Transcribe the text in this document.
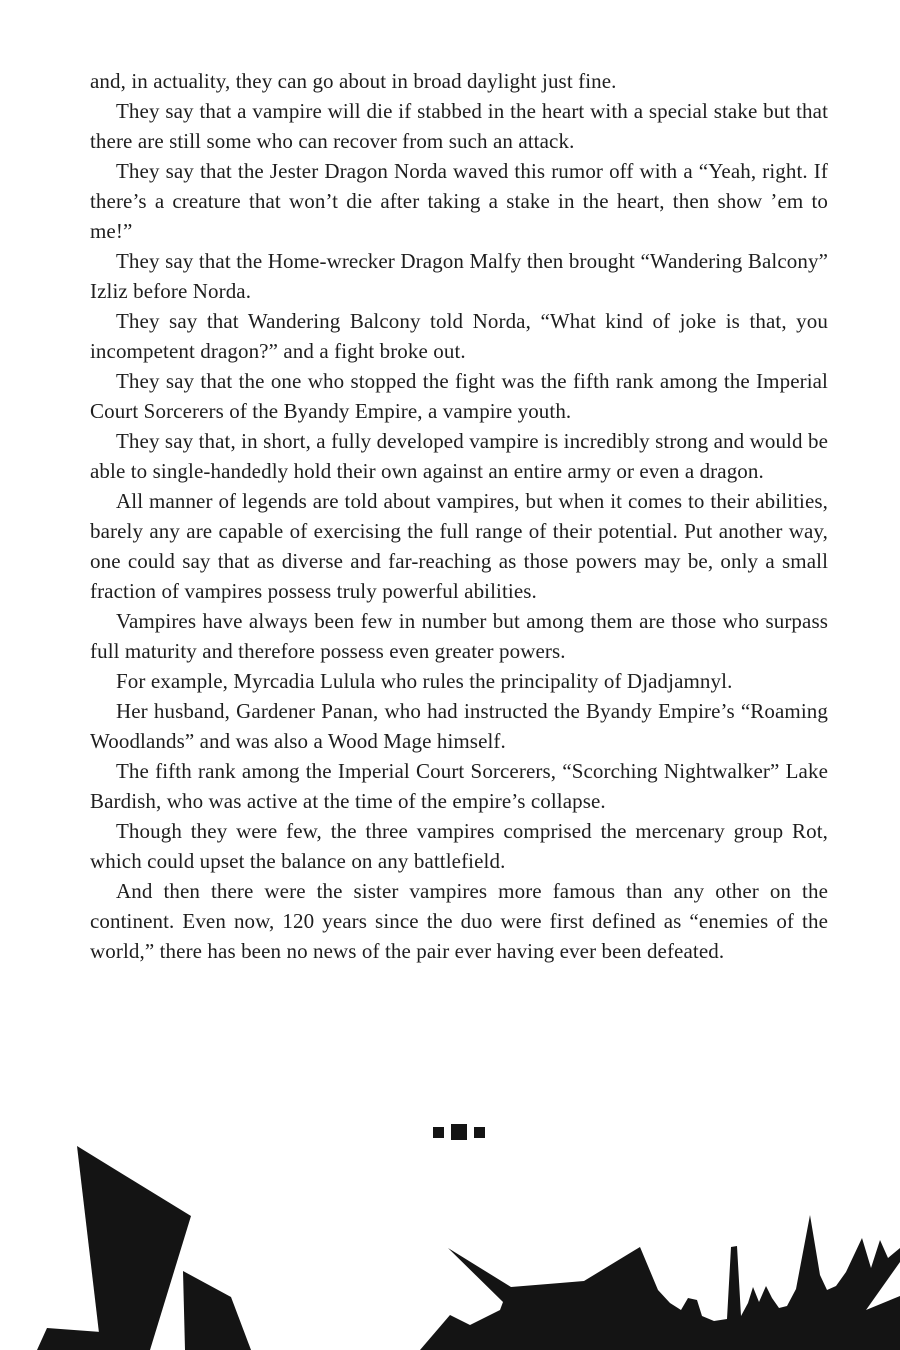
and, in actuality, they can go about in broad daylight just fine.

They say that a vampire will die if stabbed in the heart with a special stake but that there are still some who can recover from such an attack.

They say that the Jester Dragon Norda waved this rumor off with a “Yeah, right. If there’s a creature that won’t die after taking a stake in the heart, then show ’em to me!”

They say that the Home-wrecker Dragon Malfy then brought “Wandering Balcony” Izliz before Norda.

They say that Wandering Balcony told Norda, “What kind of joke is that, you incompetent dragon?” and a fight broke out.

They say that the one who stopped the fight was the fifth rank among the Imperial Court Sorcerers of the Byandy Empire, a vampire youth.

They say that, in short, a fully developed vampire is incredibly strong and would be able to single-handedly hold their own against an entire army or even a dragon.

All manner of legends are told about vampires, but when it comes to their abilities, barely any are capable of exercising the full range of their potential. Put another way, one could say that as diverse and far-reaching as those powers may be, only a small fraction of vampires possess truly powerful abilities.

Vampires have always been few in number but among them are those who surpass full maturity and therefore possess even greater powers.

For example, Myrcadia Lulula who rules the principality of Djadjamnyl.

Her husband, Gardener Panan, who had instructed the Byandy Empire’s “Roaming Woodlands” and was also a Wood Mage himself.

The fifth rank among the Imperial Court Sorcerers, “Scorching Nightwalker” Lake Bardish, who was active at the time of the empire’s collapse.

Though they were few, the three vampires comprised the mercenary group Rot, which could upset the balance on any battlefield.

And then there were the sister vampires more famous than any other on the continent. Even now, 120 years since the duo were first defined as “enemies of the world,” there has been no news of the pair ever having ever been defeated.
